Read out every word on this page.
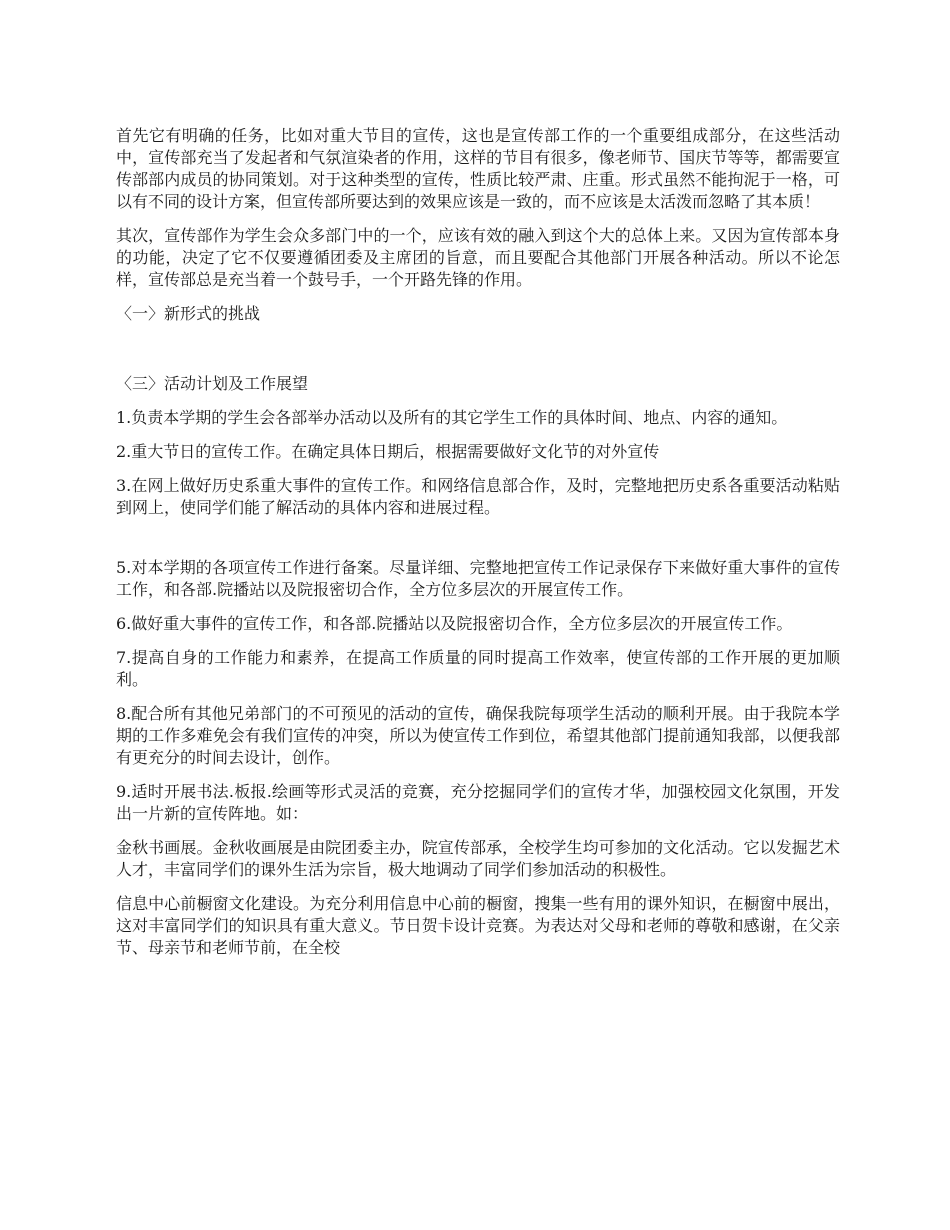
首先它有明确的任务，比如对重大节目的宣传，这也是宣传部工作的一个重要组成部分，在这些活动中，宣传部充当了发起者和气氛渲染者的作用，这样的节目有很多，像老师节、国庆节等等，都需要宣传部部内成员的协同策划。对于这种类型的宣传，性质比较严肃、庄重。形式虽然不能拘泥于一格，可以有不同的设计方案，但宣传部所要达到的效果应该是一致的，而不应该是太活泼而忽略了其本质！

其次，宣传部作为学生会众多部门中的一个，应该有效的融入到这个大的总体上来。又因为宣传部本身的功能，决定了它不仅要遵循团委及主席团的旨意，而且要配合其他部门开展各种活动。所以不论怎样，宣传部总是充当着一个鼓号手，一个开路先锋的作用。

〈一〉新形式的挑战

〈三〉活动计划及工作展望

1.负责本学期的学生会各部举办活动以及所有的其它学生工作的具体时间、地点、内容的通知。

2.重大节日的宣传工作。在确定具体日期后，根据需要做好文化节的对外宣传

3.在网上做好历史系重大事件的宣传工作。和网络信息部合作，及时，完整地把历史系各重要活动粘贴到网上，使同学们能了解活动的具体内容和进展过程。

5.对本学期的各项宣传工作进行备案。尽量详细、完整地把宣传工作记录保存下来做好重大事件的宣传工作，和各部.院播站以及院报密切合作，全方位多层次的开展宣传工作。

6.做好重大事件的宣传工作，和各部.院播站以及院报密切合作，全方位多层次的开展宣传工作。

7.提高自身的工作能力和素养，在提高工作质量的同时提高工作效率，使宣传部的工作开展的更加顺利。

8.配合所有其他兄弟部门的不可预见的活动的宣传，确保我院每项学生活动的顺利开展。由于我院本学期的工作多难免会有我们宣传的冲突，所以为使宣传工作到位，希望其他部门提前通知我部，以便我部有更充分的时间去设计，创作。

9.适时开展书法.板报.绘画等形式灵活的竞赛，充分挖掘同学们的宣传才华，加强校园文化氛围，开发出一片新的宣传阵地。如：

金秋书画展。金秋收画展是由院团委主办，院宣传部承，全校学生均可参加的文化活动。它以发掘艺术人才，丰富同学们的课外生活为宗旨，极大地调动了同学们参加活动的积极性。

信息中心前橱窗文化建设。为充分利用信息中心前的橱窗，搜集一些有用的课外知识，在橱窗中展出，这对丰富同学们的知识具有重大意义。节日贺卡设计竞赛。为表达对父母和老师的尊敬和感谢，在父亲节、母亲节和老师节前，在全校
